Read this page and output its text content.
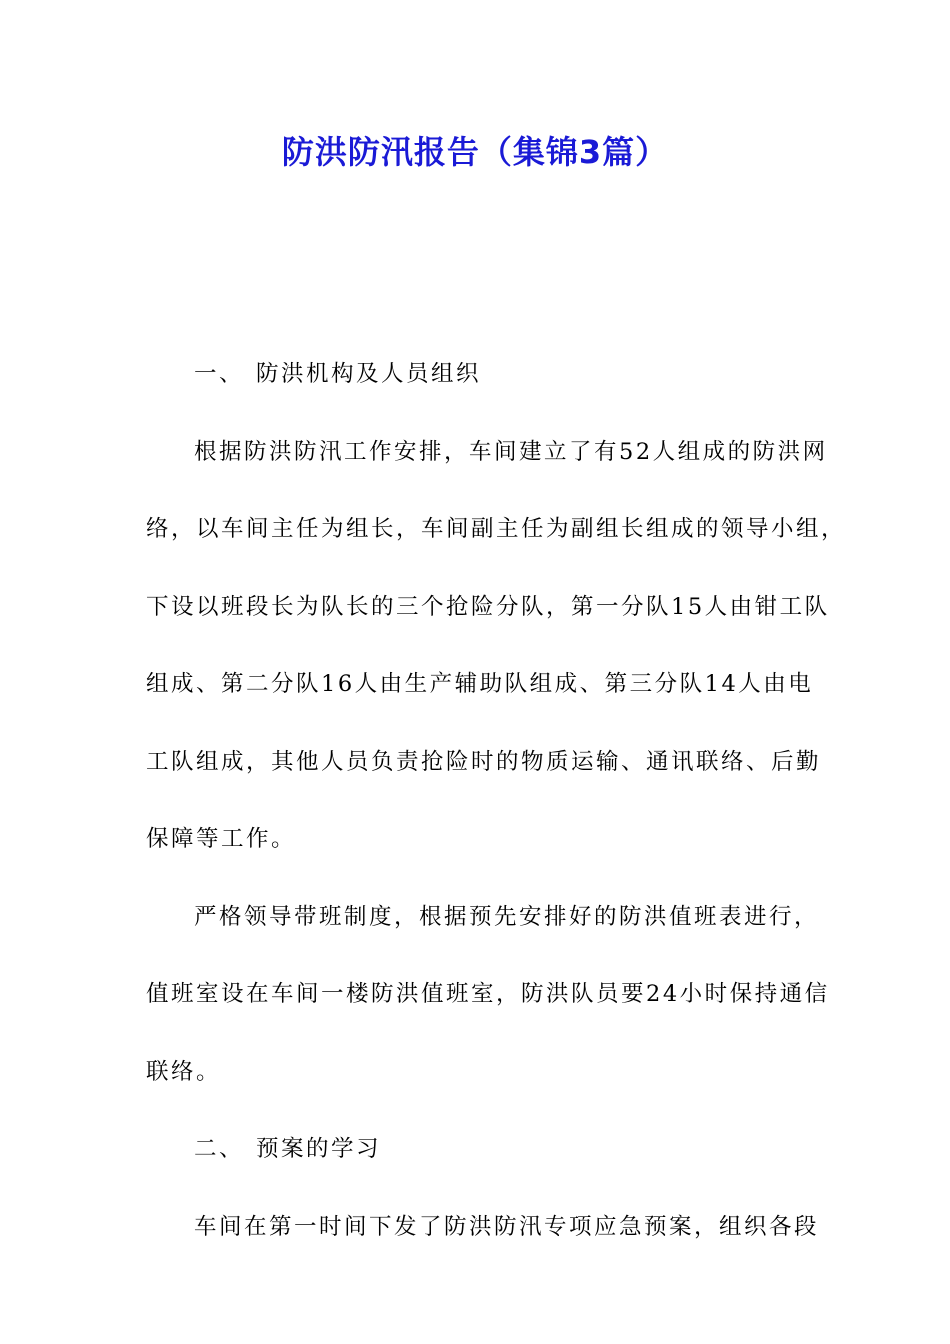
防洪防汛报告（集锦3篇）

一、 防洪机构及人员组织

根据防洪防汛工作安排，车间建立了有52人组成的防洪网

络，以车间主任为组长，车间副主任为副组长组成的领导小组，

下设以班段长为队长的三个抢险分队，第一分队15人由钳工队

组成、第二分队16人由生产辅助队组成、第三分队14人由电

工队组成，其他人员负责抢险时的物质运输、通讯联络、后勤

保障等工作。

严格领导带班制度，根据预先安排好的防洪值班表进行，

值班室设在车间一楼防洪值班室，防洪队员要24小时保持通信

联络。

二、 预案的学习

车间在第一时间下发了防洪防汛专项应急预案，组织各段
